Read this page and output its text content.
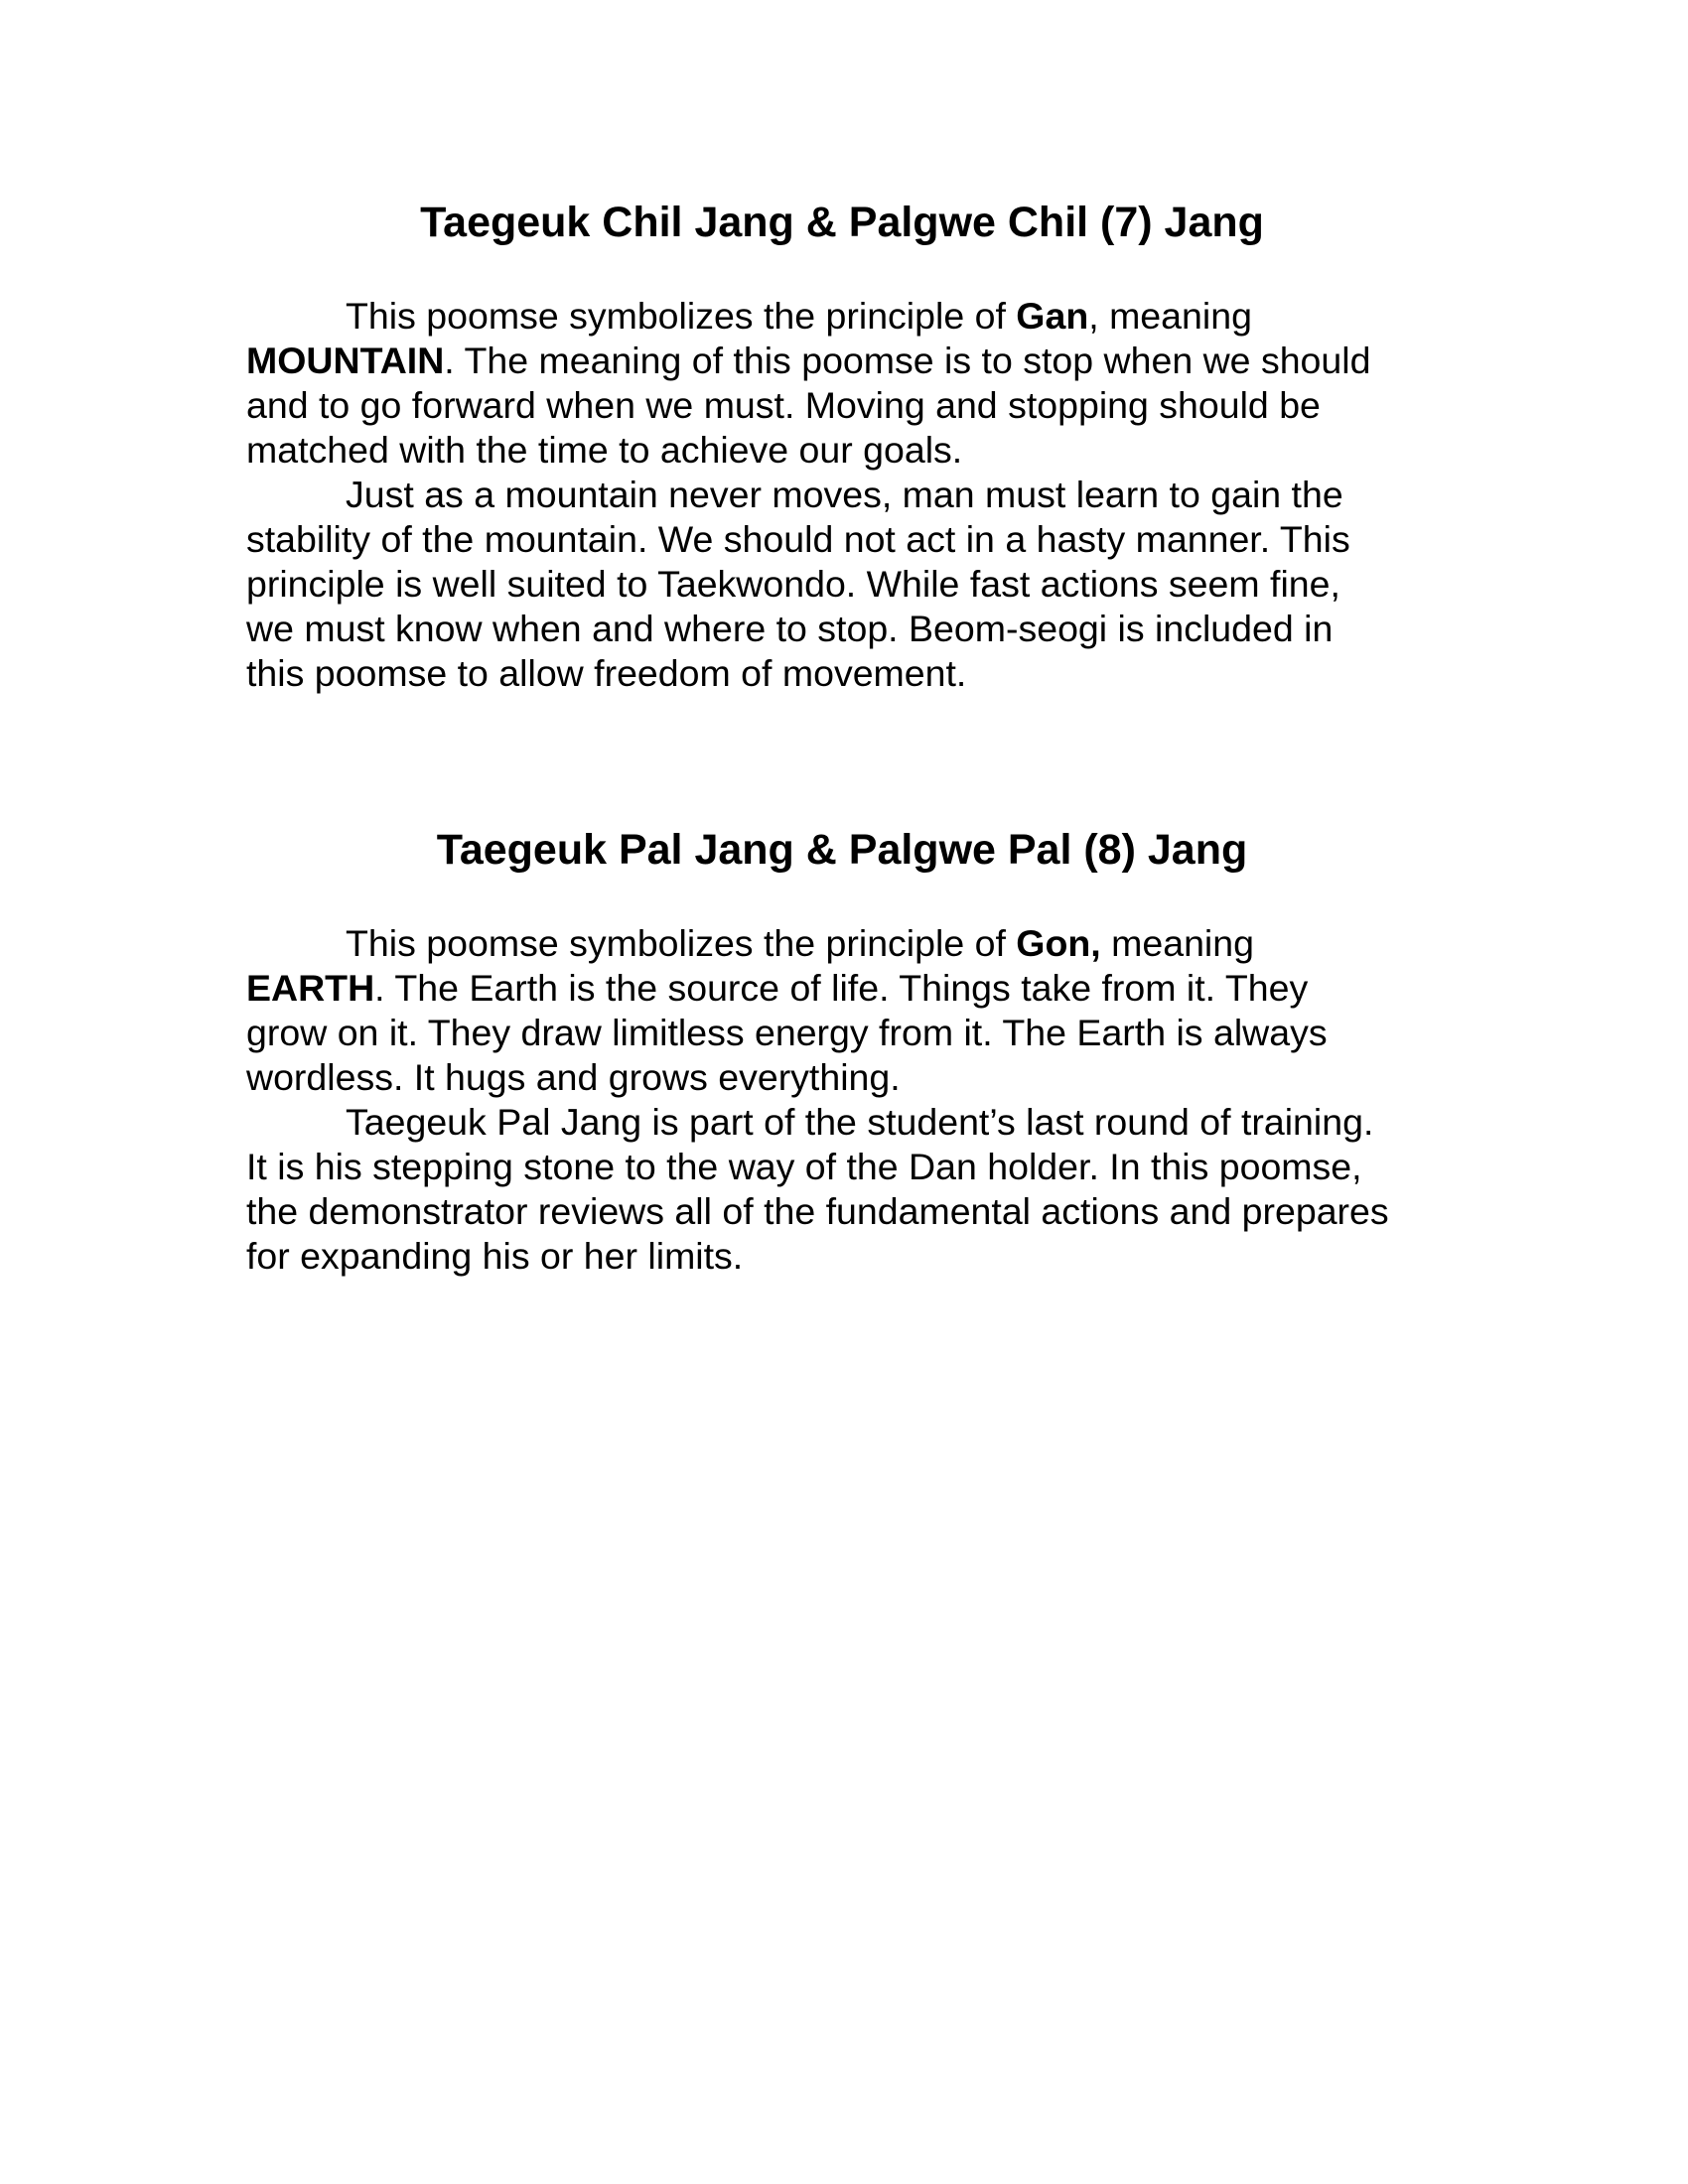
Taegeuk Chil Jang & Palgwe Chil (7) Jang
This poomse symbolizes the principle of Gan, meaning
MOUNTAIN. The meaning of this poomse is to stop when we should
and to go forward when we must. Moving and stopping should be
matched with the time to achieve our goals.
Just as a mountain never moves, man must learn to gain the
stability of the mountain. We should not act in a hasty manner. This
principle is well suited to Taekwondo. While fast actions seem fine,
we must know when and where to stop. Beom-seogi is included in
this poomse to allow freedom of movement.
Taegeuk Pal Jang & Palgwe Pal (8) Jang
This poomse symbolizes the principle of Gon, meaning
EARTH. The Earth is the source of life. Things take from it. They
grow on it. They draw limitless energy from it. The Earth is always
wordless. It hugs and grows everything.
Taegeuk Pal Jang is part of the student’s last round of training.
It is his stepping stone to the way of the Dan holder. In this poomse,
the demonstrator reviews all of the fundamental actions and prepares
for expanding his or her limits.
